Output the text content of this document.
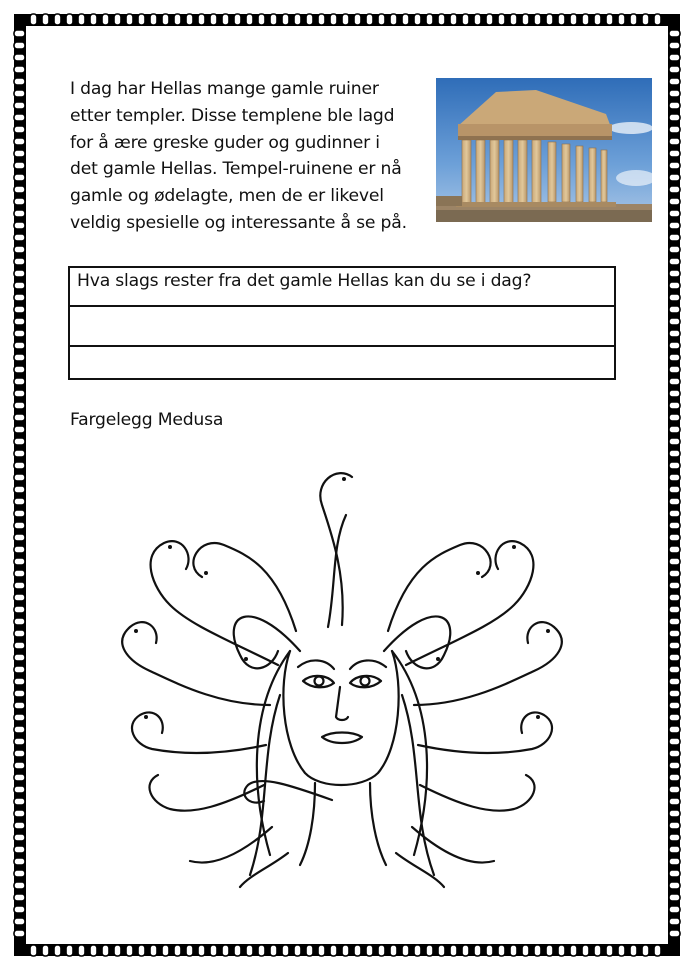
I dag har Hellas mange gamle ruiner
etter templer. Disse templene ble lagd
for å ære greske guder og gudinner i
det gamle Hellas. Tempel-ruinene er nå
gamle og ødelagte, men de er likevel
veldig spesielle og interessante å se på.
Hva slags rester fra det gamle Hellas kan du se i dag?
Fargelegg Medusa
